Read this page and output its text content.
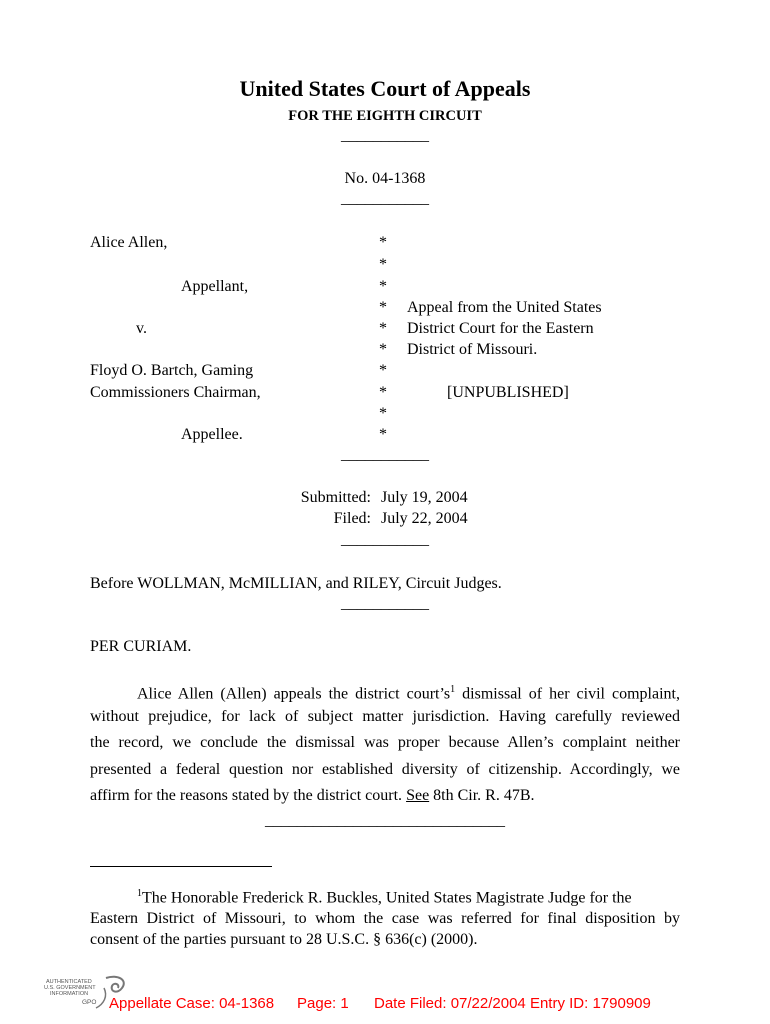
United States Court of Appeals
FOR THE EIGHTH CIRCUIT
___________
No. 04-1368
___________
Alice Allen,
Appellant,
v.
Floyd O. Bartch, Gaming
Commissioners Chairman,
Appellee.
*
*
*
*
*
*
*
*
*
*
Appeal from the United States
District Court for the Eastern
District of Missouri.
[UNPUBLISHED]
___________
Submitted: July 19, 2004
Filed: July 22, 2004
___________
Before WOLLMAN, McMILLIAN, and RILEY, Circuit Judges.
___________
PER CURIAM.
Alice Allen (Allen) appeals the district $court’s^1$ dismissal of her civil complaint,
without prejudice, for lack of subject matter jurisdiction. Having carefully reviewed
the record, we conclude the dismissal was proper because Allen’s complaint neither
presented a federal question nor established diversity of citizenship. Accordingly, we
affirm for the reasons stated by the district court. See 8th Cir. R. 47B.
______________________________
$^1$The Honorable Frederick R. Buckles, United States Magistrate Judge for the
Eastern District of Missouri, to whom the case was referred for final disposition by
consent of the parties pursuant to 28 U.S.C. § 636(c) (2000).
AUTHENTICATED
U.S. GOVERNMENT
INFORMATION
GPO Appellate Case: 04-1368 Page: 1 Date Filed: 07/22/2004 Entry ID: 1790909
